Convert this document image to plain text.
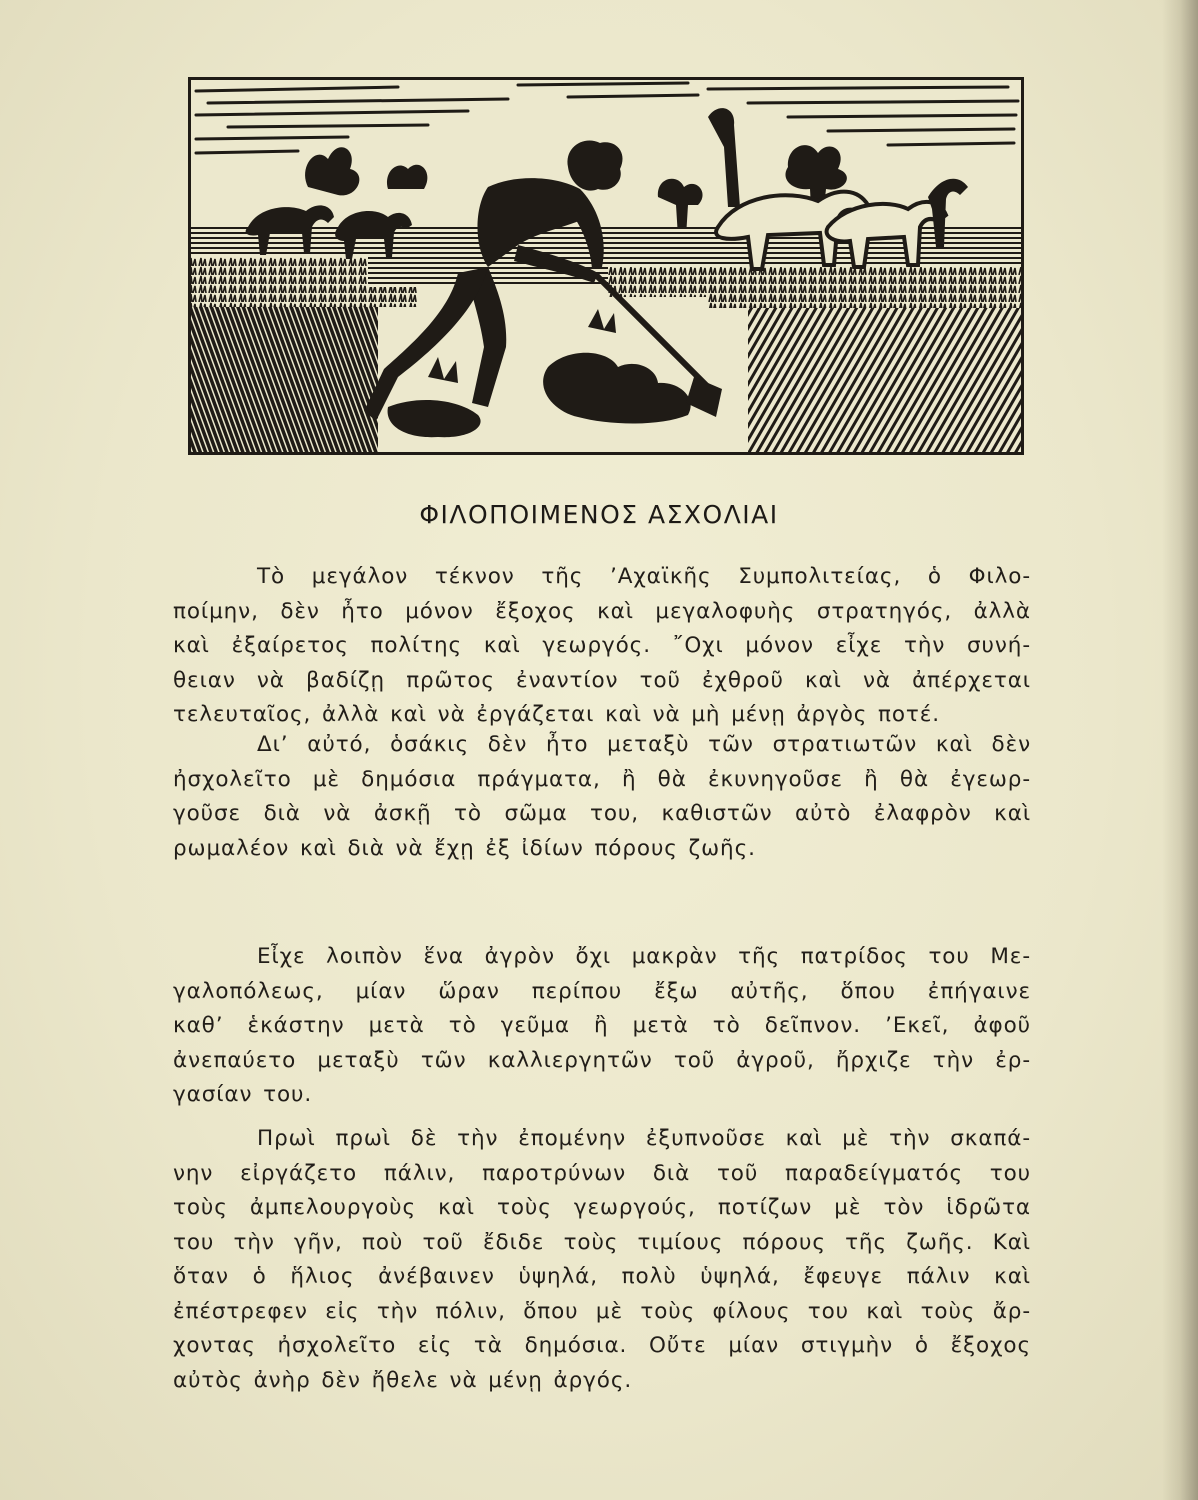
ΦΙΛΟΠΟΙΜΕΝΟΣ ΑΣΧΟΛΙΑΙ
Τὸ μεγάλον τέκνον τῆς ’Αχαϊκῆς Συμπολιτείας, ὁ Φιλο-
ποίμην, δὲν ἦτο μόνον ἔξοχος καὶ μεγαλοφυὴς στρατηγός, ἀλλὰ
καὶ ἐξαίρετος πολίτης καὶ γεωργός. ῎Οχι μόνον εἶχε τὴν συνή-
θειαν νὰ βαδίζῃ πρῶτος ἐναντίον τοῦ ἐχθροῦ καὶ νὰ ἀπέρχεται
τελευταῖος, ἀλλὰ καὶ νὰ ἐργάζεται καὶ νὰ μὴ μένῃ ἀργὸς ποτέ.
Δι’ αὐτό, ὁσάκις δὲν ἦτο μεταξὺ τῶν στρατιωτῶν καὶ δὲν
ἠσχολεῖτο μὲ δημόσια πράγματα, ἢ θὰ ἐκυνηγοῦσε ἢ θὰ ἐγεωρ-
γοῦσε διὰ νὰ ἀσκῇ τὸ σῶμα του, καθιστῶν αὐτὸ ἐλαφρὸν καὶ
ρωμαλέον καὶ διὰ νὰ ἔχῃ ἐξ ἰδίων πόρους ζωῆς.
Εἶχε λοιπὸν ἕνα ἀγρὸν ὄχι μακρὰν τῆς πατρίδος του Με-
γαλοπόλεως, μίαν ὥραν περίπου ἔξω αὐτῆς, ὅπου ἐπήγαινε
καθ’ ἑκάστην μετὰ τὸ γεῦμα ἢ μετὰ τὸ δεῖπνον. ’Εκεῖ, ἀφοῦ
ἀνεπαύετο μεταξὺ τῶν καλλιεργητῶν τοῦ ἀγροῦ, ἤρχιζε τὴν ἐρ-
γασίαν του.
Πρωὶ πρωὶ δὲ τὴν ἐπομένην ἐξυπνοῦσε καὶ μὲ τὴν σκαπά-
νην εἰργάζετο πάλιν, παροτρύνων διὰ τοῦ παραδείγματός του
τοὺς ἀμπελουργοὺς καὶ τοὺς γεωργούς, ποτίζων μὲ τὸν ἱδρῶτα
του τὴν γῆν, ποὺ τοῦ ἔδιδε τοὺς τιμίους πόρους τῆς ζωῆς. Καὶ
ὅταν ὁ ἥλιος ἀνέβαινεν ὑψηλά, πολὺ ὑψηλά, ἔφευγε πάλιν καὶ
ἐπέστρεφεν εἰς τὴν πόλιν, ὅπου μὲ τοὺς φίλους του καὶ τοὺς ἄρ-
χοντας ἠσχολεῖτο εἰς τὰ δημόσια. Οὔτε μίαν στιγμὴν ὁ ἔξοχος
αὐτὸς ἀνὴρ δὲν ἤθελε νὰ μένῃ ἀργός.
